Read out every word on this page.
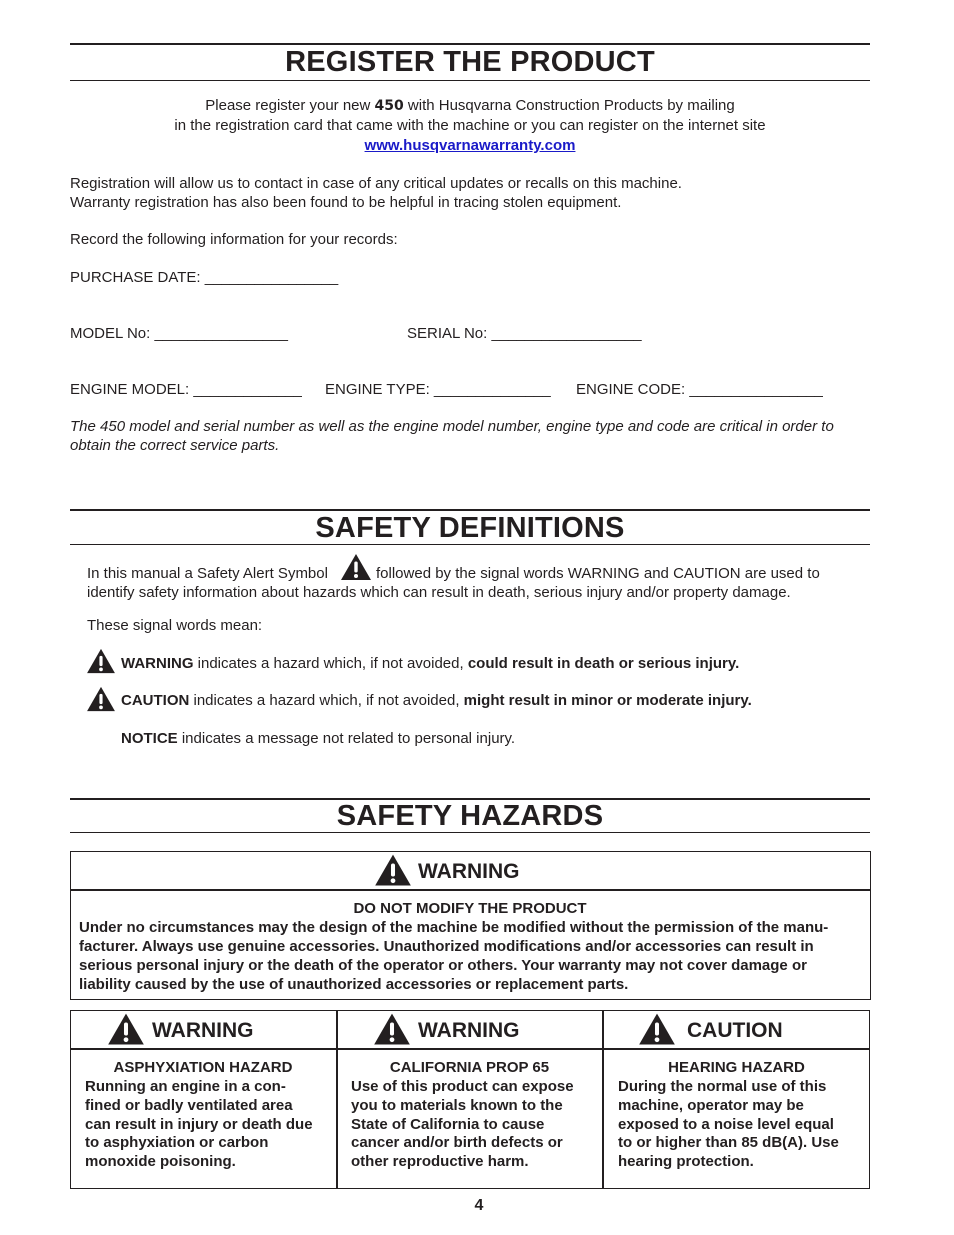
REGISTER THE PRODUCT
Please register your new 450 with Husqvarna Construction Products by mailing
in the registration card that came with the machine or you can register on the internet site
www.husqvarnawarranty.com
Registration will allow us to contact in case of any critical updates or recalls on this machine.
Warranty registration has also been found to be helpful in tracing stolen equipment.
Record the following information for your records:
PURCHASE DATE: ________________
MODEL No: ________________	SERIAL No: __________________
ENGINE MODEL: _____________ ENGINE TYPE: ______________ ENGINE CODE: ________________
The 450 model and serial number as well as the engine model number, engine type and code are critical in order to
obtain the correct service parts.
SAFETY DEFINITIONS
In this manual a Safety Alert Symbol	followed by the signal words WARNING and CAUTION are used to
identify safety information about hazards which can result in death, serious injury and/or property damage.
These signal words mean:
WARNING indicates a hazard which, if not avoided, could result in death or serious injury.
CAUTION indicates a hazard which, if not avoided, might result in minor or moderate injury.
NOTICE indicates a message not related to personal injury.
SAFETY HAZARDS
WARNING
DO NOT MODIFY THE PRODUCT
Under no circumstances may the design of the machine be modified without the permission of the manu-
facturer. Always use genuine accessories. Unauthorized modifications and/or accessories can result in
serious personal injury or the death of the operator or others. Your warranty may not cover damage or
liability caused by the use of unauthorized accessories or replacement parts.
WARNING
ASPHYXIATION HAZARD
Running an engine in a con-
fined or badly ventilated area
can result in injury or death due
to asphyxiation or carbon
monoxide poisoning.
WARNING
CALIFORNIA PROP 65
Use of this product can expose
you to materials known to the
State of California to cause
cancer and/or birth defects or
other reproductive harm.
CAUTION
HEARING HAZARD
During the normal use of this
machine, operator may be
exposed to a noise level equal
to or higher than 85 dB(A). Use
hearing protection.
4
